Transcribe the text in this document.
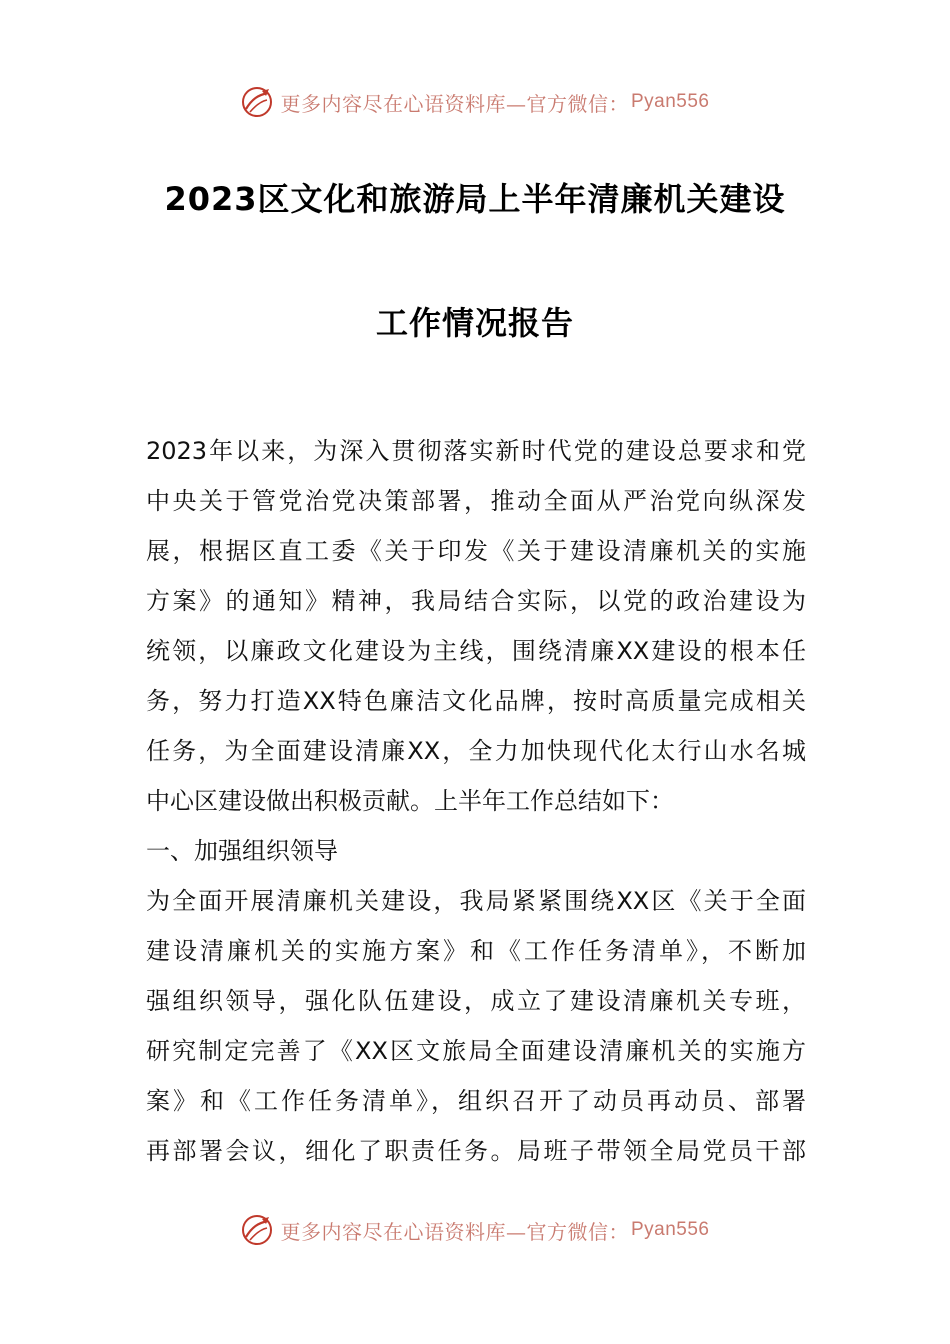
更多内容尽在心语资料库—官方微信： Pyan556
2023区文化和旅游局上半年清廉机关建设
工作情况报告
2023年以来，为深入贯彻落实新时代党的建设总要求和党
中央关于管党治党决策部署，推动全面从严治党向纵深发
展，根据区直工委《关于印发《关于建设清廉机关的实施
方案》的通知》精神，我局结合实际，以党的政治建设为
统领，以廉政文化建设为主线，围绕清廉XX建设的根本任
务，努力打造XX特色廉洁文化品牌，按时高质量完成相关
任务，为全面建设清廉XX，全力加快现代化太行山水名城
中心区建设做出积极贡献。上半年工作总结如下：
一、加强组织领导
为全面开展清廉机关建设，我局紧紧围绕XX区《关于全面
建设清廉机关的实施方案》和《工作任务清单》，不断加
强组织领导，强化队伍建设，成立了建设清廉机关专班，
研究制定完善了《XX区文旅局全面建设清廉机关的实施方
案》和《工作任务清单》，组织召开了动员再动员、部署
再部署会议，细化了职责任务。局班子带领全局党员干部
更多内容尽在心语资料库—官方微信： Pyan556
